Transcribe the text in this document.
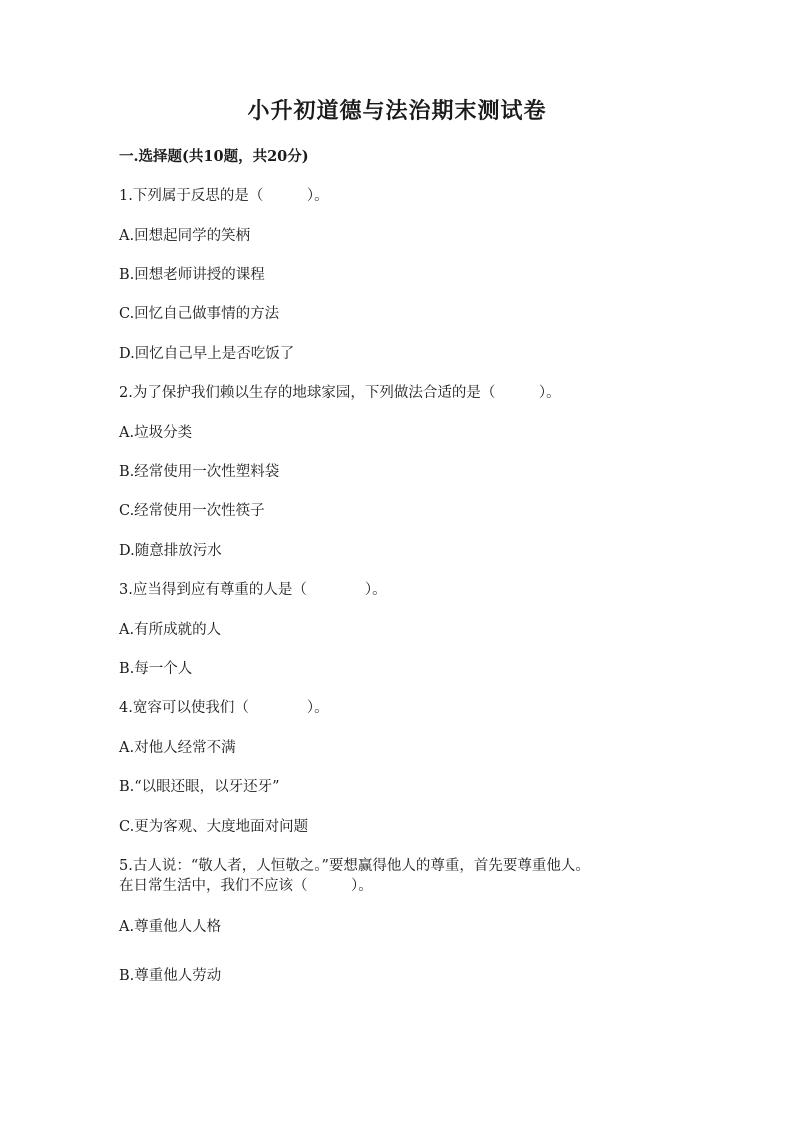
小升初道德与法治期末测试卷
一.选择题(共10题，共20分)
1.下列属于反思的是（　　　）。
A.回想起同学的笑柄
B.回想老师讲授的课程
C.回忆自己做事情的方法
D.回忆自己早上是否吃饭了
2.为了保护我们赖以生存的地球家园，下列做法合适的是（　　　）。
A.垃圾分类
B.经常使用一次性塑料袋
C.经常使用一次性筷子
D.随意排放污水
3.应当得到应有尊重的人是（　　　　）。
A.有所成就的人
B.每一个人
4.宽容可以使我们（　　　　）。
A.对他人经常不满
B.“以眼还眼，以牙还牙”
C.更为客观、大度地面对问题
5.古人说：“敬人者，人恒敬之。”要想赢得他人的尊重，首先要尊重他人。
在日常生活中，我们不应该（　　　）。
A.尊重他人人格
B.尊重他人劳动
